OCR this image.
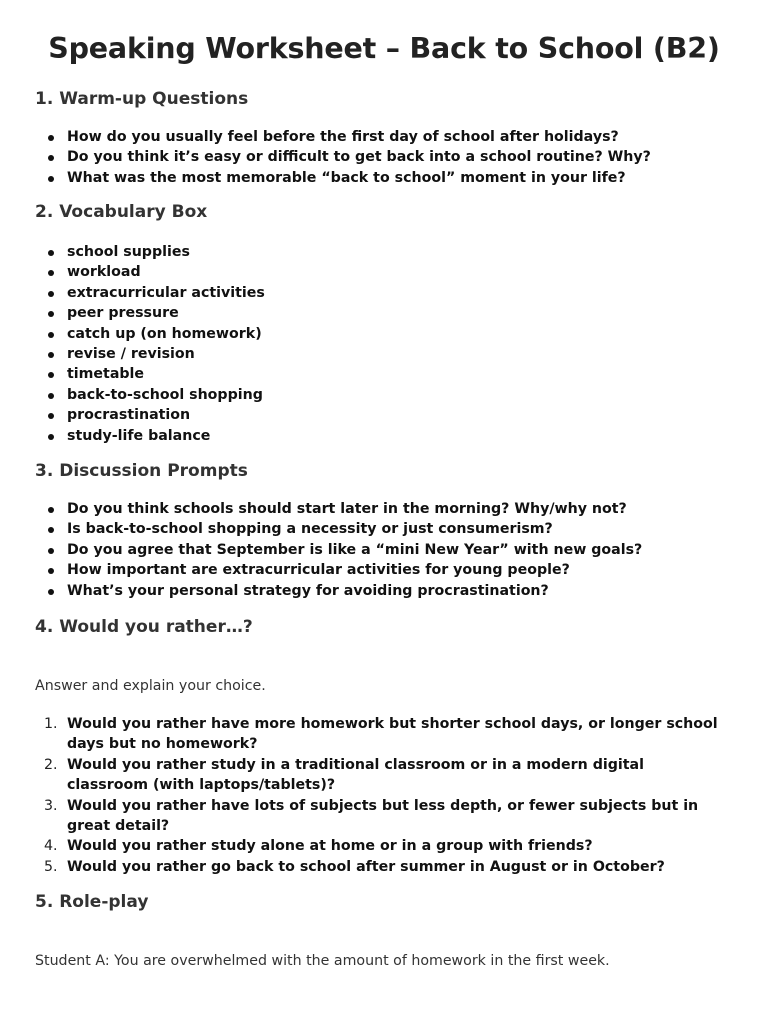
Speaking Worksheet – Back to School (B2)
1. Warm-up Questions
How do you usually feel before the first day of school after holidays?
Do you think it’s easy or difficult to get back into a school routine? Why?
What was the most memorable “back to school” moment in your life?
2. Vocabulary Box
school supplies
workload
extracurricular activities
peer pressure
catch up (on homework)
revise / revision
timetable
back-to-school shopping
procrastination
study-life balance
3. Discussion Prompts
Do you think schools should start later in the morning? Why/why not?
Is back-to-school shopping a necessity or just consumerism?
Do you agree that September is like a “mini New Year” with new goals?
How important are extracurricular activities for young people?
What’s your personal strategy for avoiding procrastination?
4. Would you rather…?

Answer and explain your choice.

1. Would you rather have more homework but shorter school days, or longer school days but no homework?
2. Would you rather study in a traditional classroom or in a modern digital classroom (with laptops/tablets)?
3. Would you rather have lots of subjects but less depth, or fewer subjects but in great detail?
4. Would you rather study alone at home or in a group with friends?
5. Would you rather go back to school after summer in August or in October?
5. Role-play

Student A: You are overwhelmed with the amount of homework in the first week.
